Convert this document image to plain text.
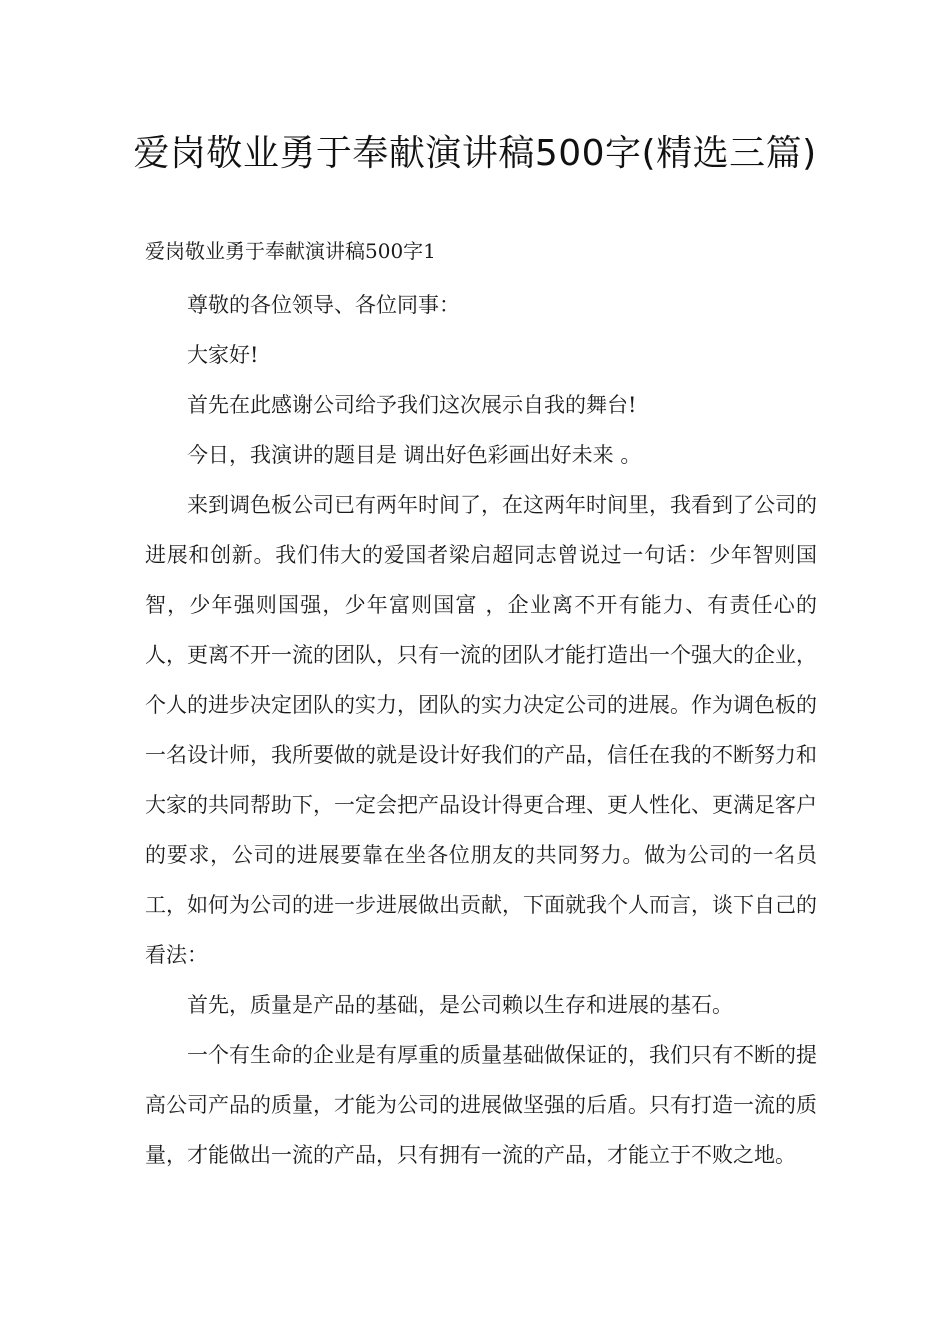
爱岗敬业勇于奉献演讲稿500字(精选三篇)

爱岗敬业勇于奉献演讲稿500字1

尊敬的各位领导、各位同事：

大家好!

首先在此感谢公司给予我们这次展示自我的舞台!

今日，我演讲的题目是 调出好色彩画出好未来 。

来到调色板公司已有两年时间了，在这两年时间里，我看到了公司的进展和创新。我们伟大的爱国者梁启超同志曾说过一句话：少年智则国智，少年强则国强，少年富则国富 ，企业离不开有能力、有责任心的人，更离不开一流的团队，只有一流的团队才能打造出一个强大的企业，个人的进步决定团队的实力，团队的实力决定公司的进展。作为调色板的一名设计师，我所要做的就是设计好我们的产品，信任在我的不断努力和大家的共同帮助下，一定会把产品设计得更合理、更人性化、更满足客户的要求，公司的进展要靠在坐各位朋友的共同努力。做为公司的一名员工，如何为公司的进一步进展做出贡献，下面就我个人而言，谈下自己的看法：

首先，质量是产品的基础，是公司赖以生存和进展的基石。

一个有生命的企业是有厚重的质量基础做保证的，我们只有不断的提高公司产品的质量，才能为公司的进展做坚强的后盾。只有打造一流的质量，才能做出一流的产品，只有拥有一流的产品，才能立于不败之地。
